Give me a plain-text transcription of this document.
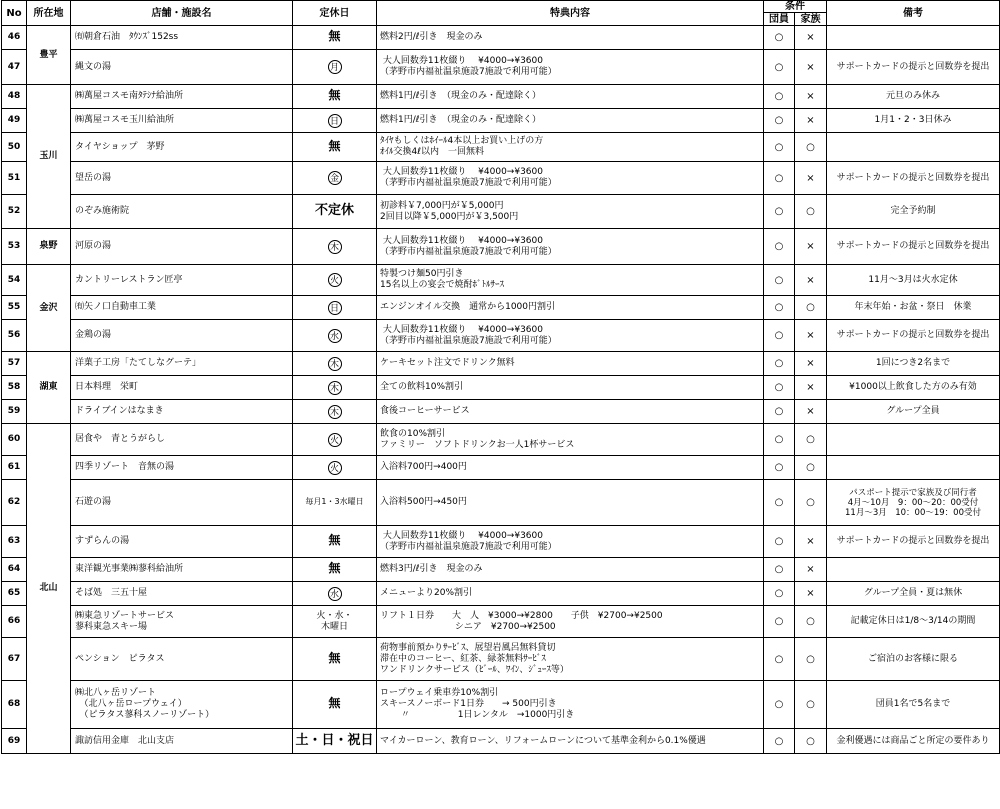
No	所在地	店舗・施設名	定休日	特典内容	条件		備考
					団員	家族	
46	豊平	㈲朝倉石油　ﾀｳﾝｽﾞ152ss	無	燃料2円/ℓ引き　現金のみ	○	×	
47		縄文の湯	月	大人回数券11枚綴り　 ¥4000→¥3600
（茅野市内福祉温泉施設7施設で利用可能）	○	×	サポートカードの提示と回数券を提出
48	玉川	㈱萬屋コスモ南ﾀﾃｼﾅ給油所	無	燃料1円/ℓ引き　（現金のみ・配達除く）	○	×	元旦のみ休み
49		㈱萬屋コスモ玉川給油所	日	燃料1円/ℓ引き　（現金のみ・配達除く）	○	×	1月1・2・3日休み
50		タイヤショップ　茅野	無	ﾀｲﾔもしくはﾎｲｰﾙ4本以上お買い上げの方
ｵｲﾙ交換4ℓ以内　一回無料	○	○	
51		望岳の湯	金	大人回数券11枚綴り　 ¥4000→¥3600
（茅野市内福祉温泉施設7施設で利用可能）	○	×	サポートカードの提示と回数券を提出
52		のぞみ施術院	不定休	初診料￥7,000円が￥5,000円
2回目以降￥5,000円が￥3,500円	○	○	完全予約制
53	泉野	河原の湯	木	大人回数券11枚綴り　 ¥4000→¥3600
（茅野市内福祉温泉施設7施設で利用可能）	○	×	サポートカードの提示と回数券を提出
54	金沢	カントリーレストラン匠亭	火	特製つけ麺50円引き
15名以上の宴会で焼酎ﾎﾞﾄﾙｻｰｽ	○	×	11月～3月は火水定休
55		㈲矢ノ口自動車工業	日	エンジンオイル交換　通常から1000円割引	○	○	年末年始・お盆・祭日　休業
56		金鶏の湯	水	大人回数券11枚綴り　 ¥4000→¥3600
（茅野市内福祉温泉施設7施設で利用可能）	○	×	サポートカードの提示と回数券を提出
57	湖東	洋菓子工房「たてしなグーテ」	木	ケーキセット注文でドリンク無料	○	×	1回につき2名まで
58		日本料理　栄町	木	全ての飲料10%割引	○	×	¥1000以上飲食した方のみ有効
59		ドライブインはなまき	木	食後コーヒーサービス	○	×	グループ全員
60	北山	居食や　青とうがらし	火	飲食の10%割引
ファミリー　ソフトドリンクお一人1杯サービス	○	○	
61		四季リゾート　音無の湯	火	入浴料700円→400円	○	○	
62		石遊の湯	毎月1・3水曜日	入浴料500円→450円	○	○	パスポート提示で家族及び同行者
4月～10月　9：00～20：00受付
11月～3月　10：00～19：00受付
63		すずらんの湯	無	大人回数券11枚綴り　 ¥4000→¥3600
（茅野市内福祉温泉施設7施設で利用可能）	○	×	サポートカードの提示と回数券を提出
64		東洋観光事業㈱蓼科給油所	無	燃料3円/ℓ引き　現金のみ	○	×	
65		そば処　三五十屋	水	メニューより20%割引	○	×	グループ全員・夏は無休
66		㈱東急リゾートサービス
蓼科東急スキー場	火・水・
木曜日	リフト１日券　　大　人　¥3000→¥2800　　子供　¥2700→¥2500
　　　　　　　　 シニア　¥2700→¥2500	○	○	記載定休日は1/8～3/14の期間
67		ペンション　ピラタス	無	荷物事前預かりｻｰﾋﾞｽ、展望岩風呂無料貸切
滞在中のコーヒー、紅茶、緑茶無料ｻｰﾋﾞｽ
ワンドリンクサービス（ﾋﾞｰﾙ、ﾜｲﾝ、ｼﾞｭｰｽ等）	○	○	ご宿泊のお客様に限る
68		㈱北八ヶ岳リゾート
　（北八ヶ岳ロープウェイ）
　（ピラタス蓼科スノーリゾート）	無	ロープウェイ乗車券10%割引
スキースノーボード1日券　　→ 500円引き
　　 〃　　　　　 1日レンタル　→1000円引き	○	○	団員1名で5名まで
69		諏訪信用金庫　北山支店	土・日・祝日	マイカーローン、教育ローン、リフォームローンについて基準金利から0.1%優遇	○	○	金利優遇には商品ごと所定の要件あり
